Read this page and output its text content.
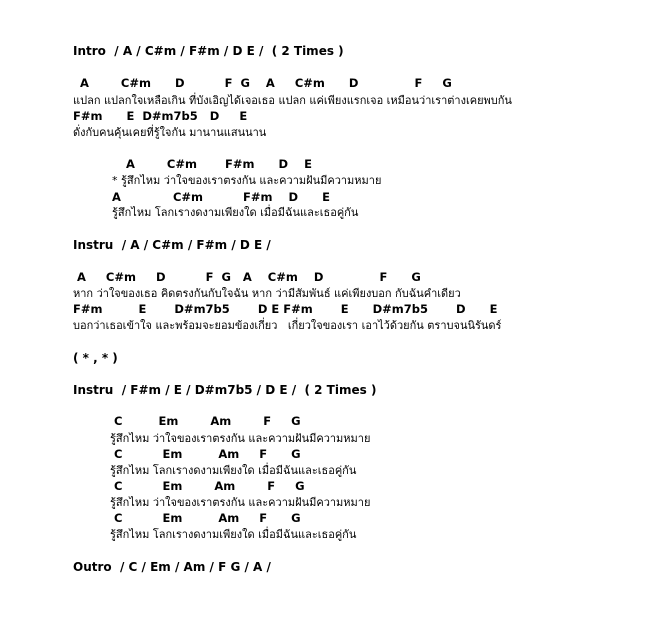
Intro  / A / C#m / F#m / D E /  ( 2 Times )
A        C#m      D          F  G    A     C#m      D              F     G
แปลก แปลกใจเหลือเกิน ที่บังเอิญได้เจอเธอ แปลก แค่เพียงแรกเจอ เหมือนว่าเราต่างเคยพบกัน
F#m      E  D#m7b5   D     E
ดั่งกับคนคุ้นเคยที่รู้ใจกัน มานานแสนนาน
A        C#m       F#m      D    E
* รู้สึกไหม ว่าใจของเราตรงกัน และความฝันมีความหมาย
A             C#m          F#m    D      E
รู้สึกไหม โลกเรางดงามเพียงใด เมื่อมีฉันและเธอคู่กัน
Instru  / A / C#m / F#m / D E /
A     C#m     D          F  G   A    C#m    D              F      G
หาก ว่าใจของเธอ คิดตรงกันกับใจฉัน หาก ว่ามีสัมพันธ์ แค่เพียงบอก กับฉันคำเดียว
F#m         E       D#m7b5       D E F#m       E      D#m7b5       D      E
บอกว่าเธอเข้าใจ และพร้อมจะยอมข้องเกี่ยว   เกี่ยวใจของเรา เอาไว้ด้วยกัน ตราบจนนิรันดร์
( * , * )
Instru  / F#m / E / D#m7b5 / D E /  ( 2 Times )
C         Em        Am        F     G
รู้สึกไหม ว่าใจของเราตรงกัน และความฝันมีความหมาย
C          Em         Am     F      G
รู้สึกไหม โลกเรางดงามเพียงใด เมื่อมีฉันและเธอคู่กัน
C          Em        Am        F     G
รู้สึกไหม ว่าใจของเราตรงกัน และความฝันมีความหมาย
C          Em         Am     F      G
รู้สึกไหม โลกเรางดงามเพียงใด เมื่อมีฉันและเธอคู่กัน
Outro  / C / Em / Am / F G / A /
